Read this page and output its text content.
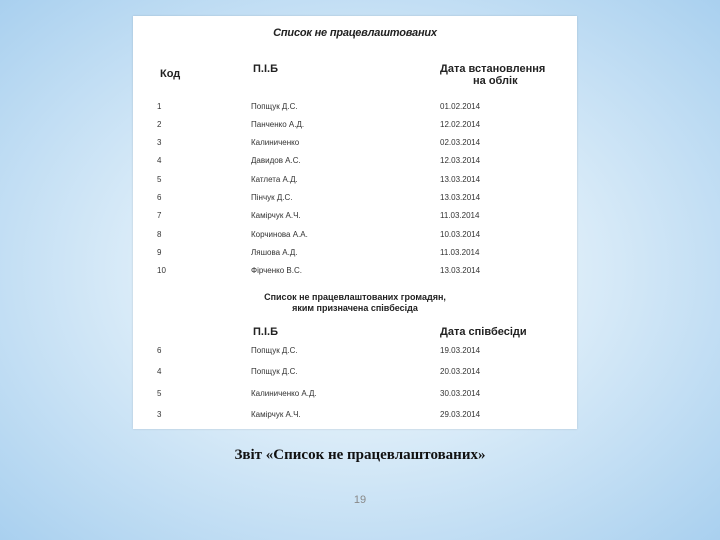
Список не працевлаштованих
Код	П.І.Б	Дата встановлення
на облік
1	Попщук Д.С.	01.02.2014
2	Панченко А.Д.	12.02.2014
3	Калиниченко	02.03.2014
4	Давидов А.С.	12.03.2014
5	Катлета А.Д.	13.03.2014
6	Пінчук Д.С.	13.03.2014
7	Камірчук А.Ч.	11.03.2014
8	Корчинова А.А.	10.03.2014
9	Ляшова А.Д.	11.03.2014
10	Фірченко В.С.	13.03.2014
Список не працевлаштованих громадян,
яким призначена співбесіда
П.І.Б	Дата співбесіди
6	Попщук Д.С.	19.03.2014
4	Попщук Д.С.	20.03.2014
5	Калиниченко А.Д.	30.03.2014
3	Камірчук А.Ч.	29.03.2014
Звіт «Список не працевлаштованих»
19
